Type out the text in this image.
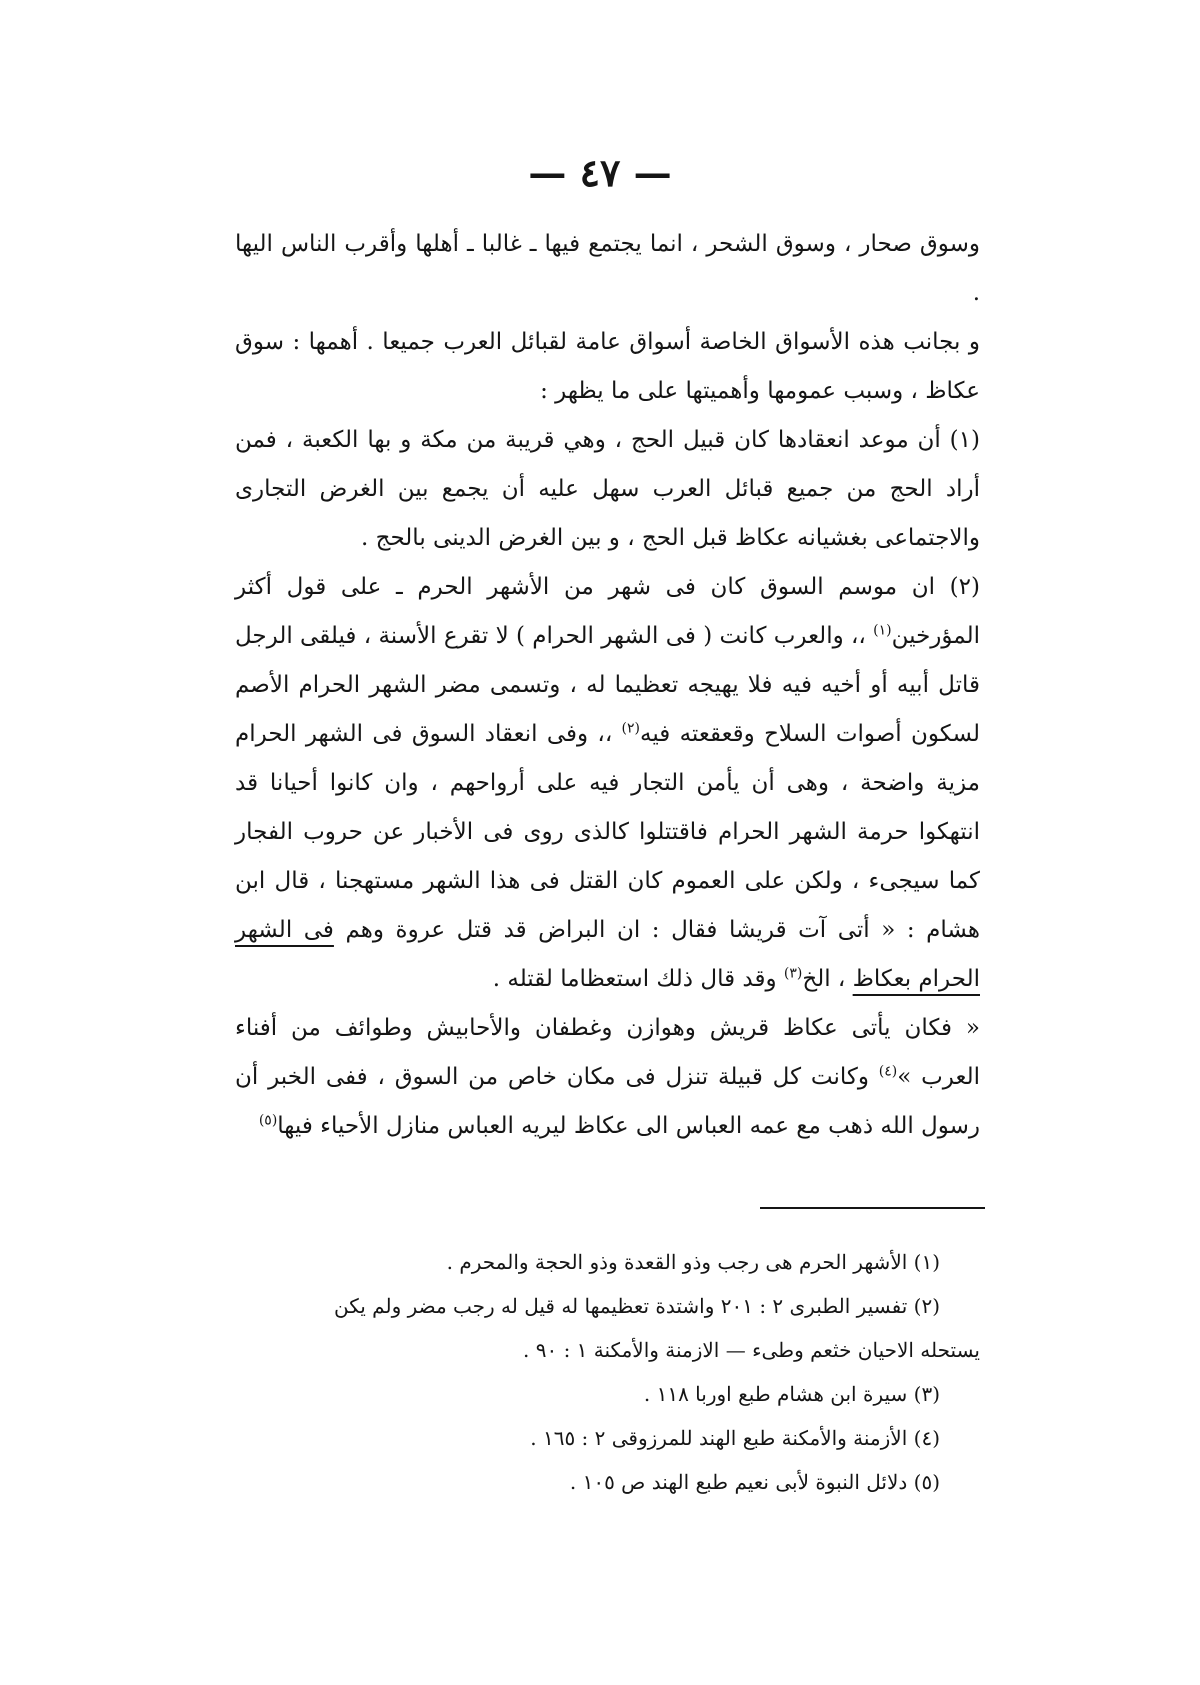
— ٤٧ —

وسوق صحار ، وسوق الشحر ، انما يجتمع فيها ـ غالبا ـ أهلها وأقرب الناس اليها .

و بجانب هذه الأسواق الخاصة أسواق عامة لقبائل العرب جميعا . أهمها : سوق عكاظ ، وسبب عمومها وأهميتها على ما يظهر :

(١) أن موعد انعقادها كان قبيل الحج ، وهي قريبة من مكة و بها الكعبة ، فمن أراد الحج من جميع قبائل العرب سهل عليه أن يجمع بين الغرض التجارى والاجتماعى بغشيانه عكاظ قبل الحج ، و بين الغرض الدينى بالحج .

(٢) ان موسم السوق كان فى شهر من الأشهر الحرم ـ على قول أكثر المؤرخين$^{(١)}$ ،، والعرب كانت ( فى الشهر الحرام ) لا تقرع الأسنة ، فيلقى الرجل قاتل أبيه أو أخيه فيه فلا يهيجه تعظيما له ، وتسمى مضر الشهر الحرام الأصم لسكون أصوات السلاح وقعقعته فيه$^{(٢)}$ ،، وفى انعقاد السوق فى الشهر الحرام مزية واضحة ، وهى أن يأمن التجار فيه على أرواحهم ، وان كانوا أحيانا قد انتهكوا حرمة الشهر الحرام فاقتتلوا كالذى روى فى الأخبار عن حروب الفجار كما سيجىء ، ولكن على العموم كان القتل فى هذا الشهر مستهجنا ، قال ابن هشام : « أتى آت قريشا فقال : ان البراض قد قتل عروة وهم فى الشهر الحرام بعكاظ ، الخ$^{(٣)}$ وقد قال ذلك استعظاما لقتله .

« فكان يأتى عكاظ قريش وهوازن وغطفان والأحابيش وطوائف من أفناء العرب »$^{(٤)}$ وكانت كل قبيلة تنزل فى مكان خاص من السوق ، ففى الخبر أن رسول الله ذهب مع عمه العباس الى عكاظ ليريه العباس منازل الأحياء فيها$^{(٥)}$

(١) الأشهر الحرم هى رجب وذو القعدة وذو الحجة والمحرم .

(٢) تفسير الطبرى ٢ : ٢٠١ واشتدة تعظيمها له قيل له رجب مضر ولم يكن

يستحله الاحيان خثعم وطىء — الازمنة والأمكنة ١ : ٩٠ .

(٣) سيرة ابن هشام طبع اوربا ١١٨ .

(٤) الأزمنة والأمكنة طبع الهند للمرزوقى ٢ : ١٦٥ .

(٥) دلائل النبوة لأبى نعيم طبع الهند ص ١٠٥ .
